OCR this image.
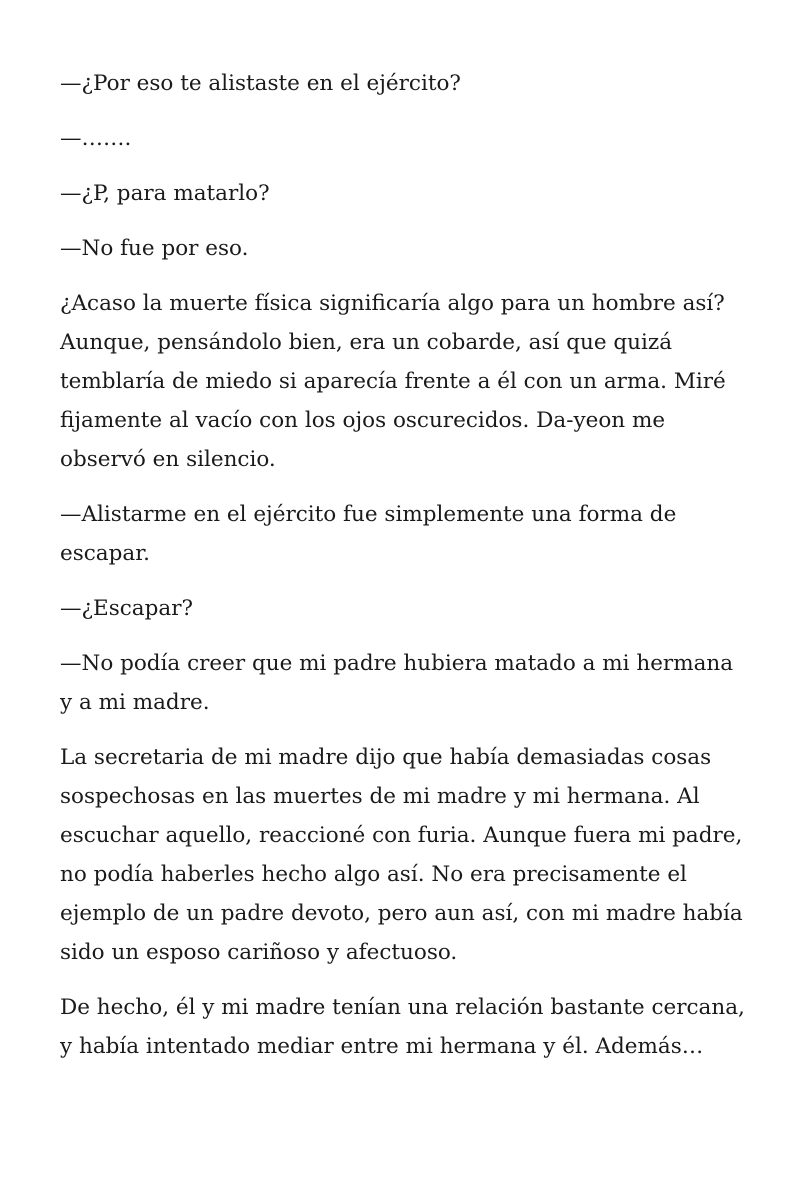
—¿Por eso te alistaste en el ejército?

—…….

—¿P, para matarlo?

—No fue por eso.

¿Acaso la muerte física significaría algo para un hombre así? Aunque, pensándolo bien, era un cobarde, así que quizá temblaría de miedo si aparecía frente a él con un arma. Miré fijamente al vacío con los ojos oscurecidos. Da-yeon me observó en silencio.

—Alistarme en el ejército fue simplemente una forma de escapar.

—¿Escapar?

—No podía creer que mi padre hubiera matado a mi hermana y a mi madre.

La secretaria de mi madre dijo que había demasiadas cosas sospechosas en las muertes de mi madre y mi hermana. Al escuchar aquello, reaccioné con furia. Aunque fuera mi padre, no podía haberles hecho algo así. No era precisamente el ejemplo de un padre devoto, pero aun así, con mi madre había sido un esposo cariñoso y afectuoso.

De hecho, él y mi madre tenían una relación bastante cercana, y había intentado mediar entre mi hermana y él. Además…
